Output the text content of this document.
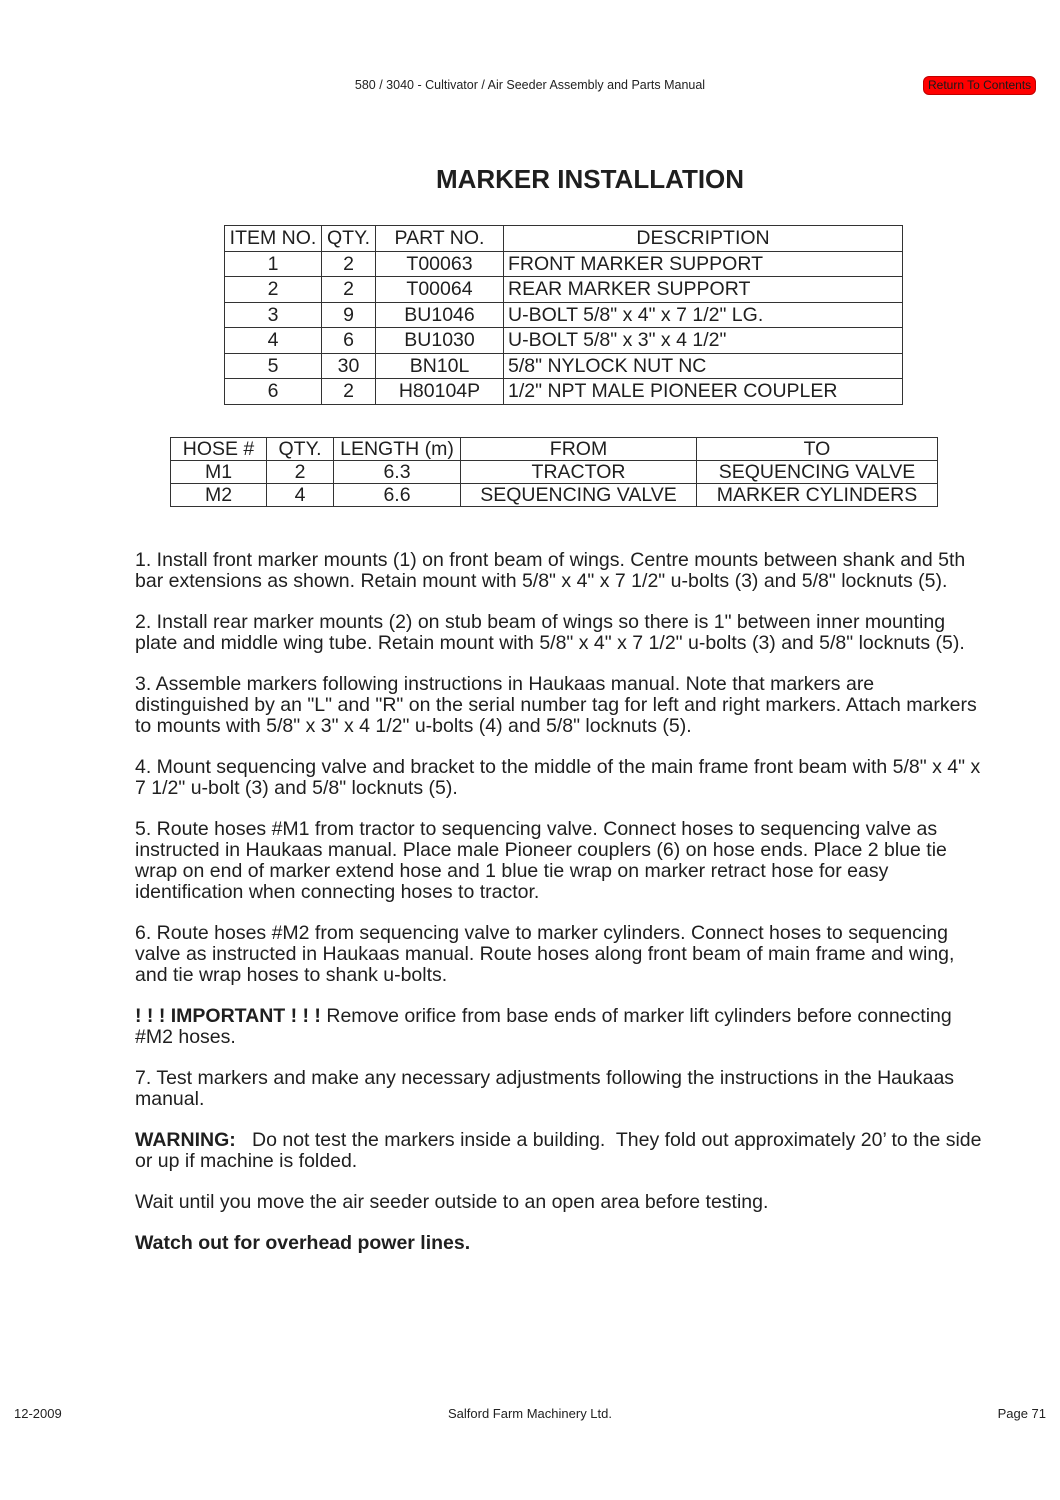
580 / 3040 - Cultivator / Air Seeder Assembly and Parts Manual	Return To Contents
MARKER INSTALLATION
ITEM NO.	QTY.	PART NO.	DESCRIPTION
1	2	T00063	FRONT MARKER SUPPORT
2	2	T00064	REAR MARKER SUPPORT
3	9	BU1046	U-BOLT 5/8" x 4" x 7 1/2" LG.
4	6	BU1030	U-BOLT 5/8" x 3" x 4 1/2"
5	30	BN10L	5/8" NYLOCK NUT NC
6	2	H80104P	1/2" NPT MALE PIONEER COUPLER
HOSE #	QTY.	LENGTH (m)	FROM	TO
M1	2	6.3	TRACTOR	SEQUENCING VALVE
M2	4	6.6	SEQUENCING VALVE	MARKER CYLINDERS

1. Install front marker mounts (1) on front beam of wings. Centre mounts between shank and 5th bar extensions as shown. Retain mount with 5/8" x 4" x 7 1/2" u-bolts (3) and 5/8" locknuts (5).

2. Install rear marker mounts (2) on stub beam of wings so there is 1" between inner mounting plate and middle wing tube. Retain mount with 5/8" x 4" x 7 1/2" u-bolts (3) and 5/8" locknuts (5).

3. Assemble markers following instructions in Haukaas manual. Note that markers are distinguished by an "L" and "R" on the serial number tag for left and right markers. Attach markers to mounts with 5/8" x 3" x 4 1/2" u-bolts (4) and 5/8" locknuts (5).

4. Mount sequencing valve and bracket to the middle of the main frame front beam with 5/8" x 4" x 7 1/2" u-bolt (3) and 5/8" locknuts (5).

5. Route hoses #M1 from tractor to sequencing valve. Connect hoses to sequencing valve as instructed in Haukaas manual. Place male Pioneer couplers (6) on hose ends. Place 2 blue tie wrap on end of marker extend hose and 1 blue tie wrap on marker retract hose for easy identification when connecting hoses to tractor.

6. Route hoses #M2 from sequencing valve to marker cylinders. Connect hoses to sequencing valve as instructed in Haukaas manual. Route hoses along front beam of main frame and wing, and tie wrap hoses to shank u-bolts.

! ! ! IMPORTANT ! ! ! Remove orifice from base ends of marker lift cylinders before connecting #M2 hoses.

7. Test markers and make any necessary adjustments following the instructions in the Haukaas manual.

WARNING:   Do not test the markers inside a building.  They fold out approximately 20’ to the side or up if machine is folded.

Wait until you move the air seeder outside to an open area before testing.

Watch out for overhead power lines.

12-2009	Salford Farm Machinery Ltd.	Page 71
